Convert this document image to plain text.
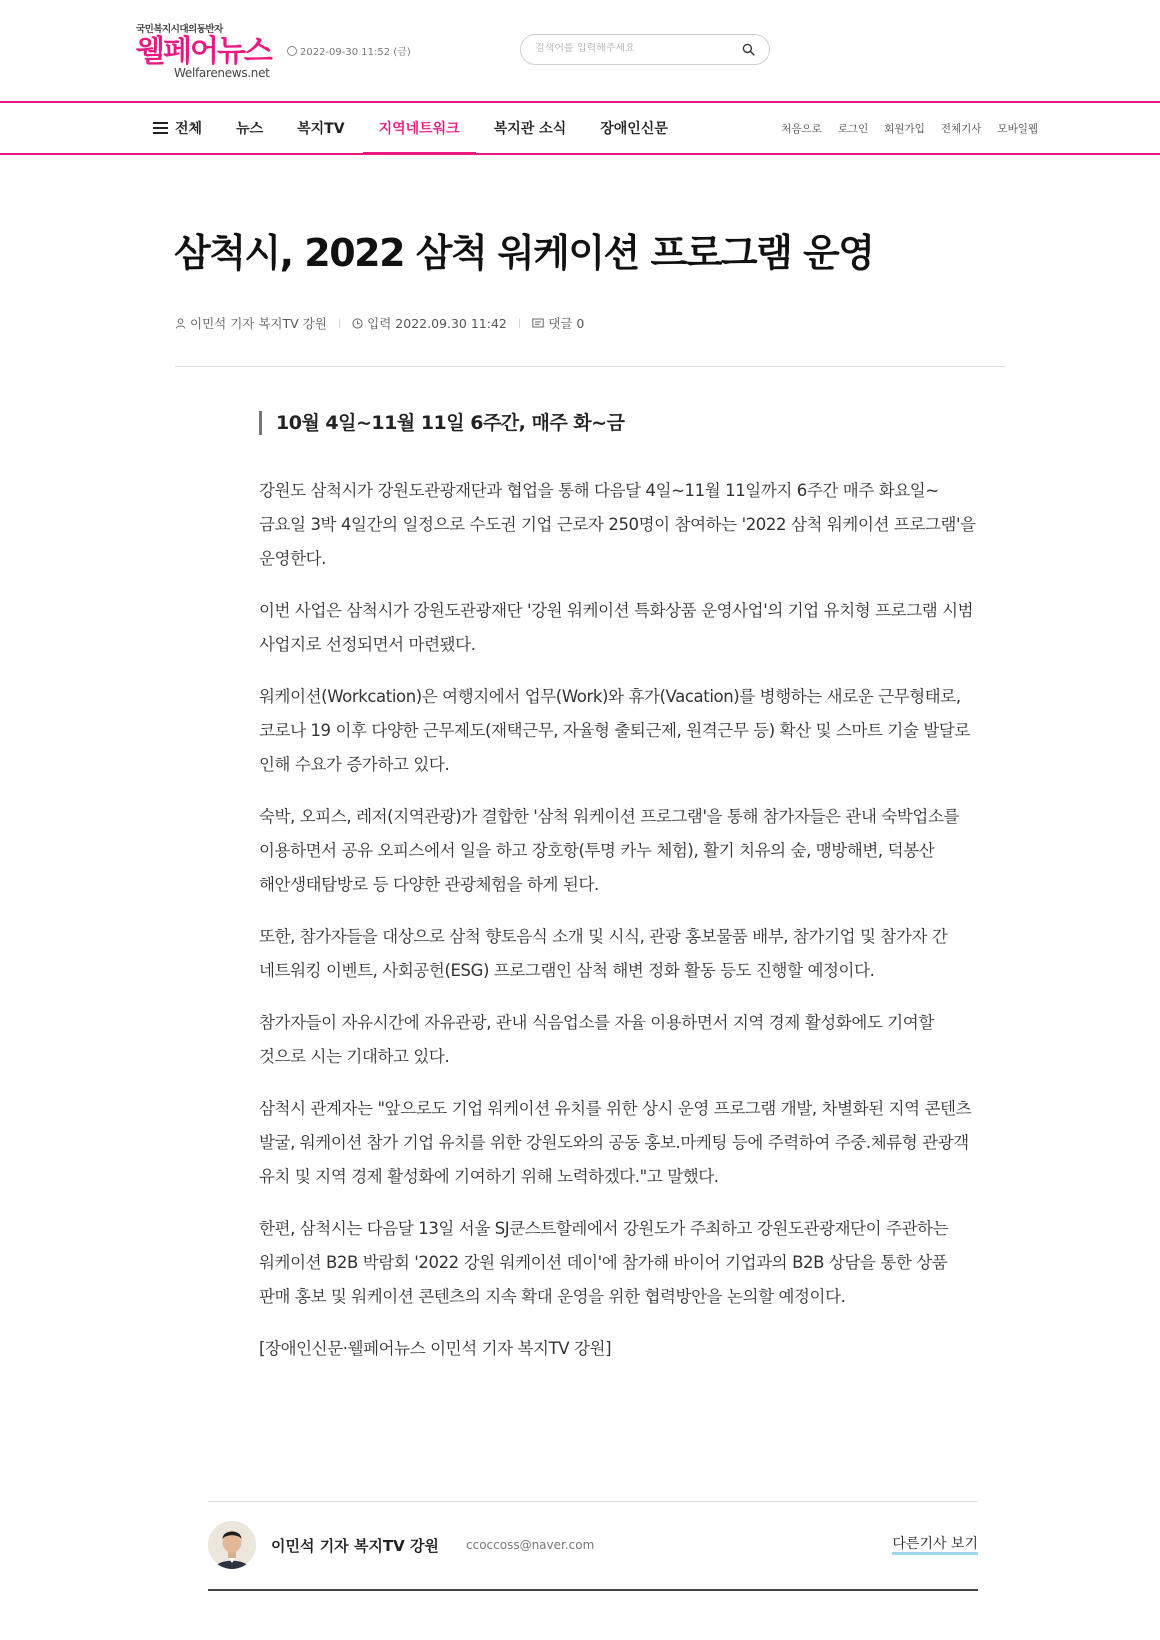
국민복지시대의동반자
웰페어뉴스
Welfarenews.net
2022-09-30 11:52 (금)
검색어를 입력해주세요
전체 뉴스 복지TV 지역네트워크 복지관 소식 장애인신문	처음으로 로그인 회원가입 전체기사 모바일웹
삼척시, 2022 삼척 워케이션 프로그램 운영
이민석 기자 복지TV 강원 | 입력 2022.09.30 11:42 | 댓글 0
10월 4일~11월 11일 6주간, 매주 화~금

강원도 삼척시가 강원도관광재단과 협업을 통해 다음달 4일~11월 11일까지 6주간 매주 화요일~금요일 3박 4일간의 일정으로 수도권 기업 근로자 250명이 참여하는 '2022 삼척 워케이션 프로그램'을 운영한다.

이번 사업은 삼척시가 강원도관광재단 '강원 워케이션 특화상품 운영사업'의 기업 유치형 프로그램 시범 사업지로 선정되면서 마련됐다.

워케이션(Workcation)은 여행지에서 업무(Work)와 휴가(Vacation)를 병행하는 새로운 근무형태로, 코로나 19 이후 다양한 근무제도(재택근무, 자율형 출퇴근제, 원격근무 등) 확산 및 스마트 기술 발달로 인해 수요가 증가하고 있다.

숙박, 오피스, 레저(지역관광)가 결합한 '삼척 워케이션 프로그램'을 통해 참가자들은 관내 숙박업소를 이용하면서 공유 오피스에서 일을 하고 장호항(투명 카누 체험), 활기 치유의 숲, 맹방해변, 덕봉산 해안생태탐방로 등 다양한 관광체험을 하게 된다.

또한, 참가자들을 대상으로 삼척 향토음식 소개 및 시식, 관광 홍보물품 배부, 참가기업 및 참가자 간 네트워킹 이벤트, 사회공헌(ESG) 프로그램인 삼척 해변 정화 활동 등도 진행할 예정이다.

참가자들이 자유시간에 자유관광, 관내 식음업소를 자율 이용하면서 지역 경제 활성화에도 기여할 것으로 시는 기대하고 있다.

삼척시 관계자는 "앞으로도 기업 워케이션 유치를 위한 상시 운영 프로그램 개발, 차별화된 지역 콘텐츠 발굴, 워케이션 참가 기업 유치를 위한 강원도와의 공동 홍보.마케팅 등에 주력하여 주중.체류형 관광객 유치 및 지역 경제 활성화에 기여하기 위해 노력하겠다."고 말했다.

한편, 삼척시는 다음달 13일 서울 SJ쿤스트할레에서 강원도가 주최하고 강원도관광재단이 주관하는 워케이션 B2B 박람회 '2022 강원 워케이션 데이'에 참가해 바이어 기업과의 B2B 상담을 통한 상품 판매 홍보 및 워케이션 콘텐츠의 지속 확대 운영을 위한 협력방안을 논의할 예정이다.

[장애인신문·웰페어뉴스 이민석 기자 복지TV 강원]

이민석 기자 복지TV 강원 ccoccoss@naver.com	다른기사 보기
